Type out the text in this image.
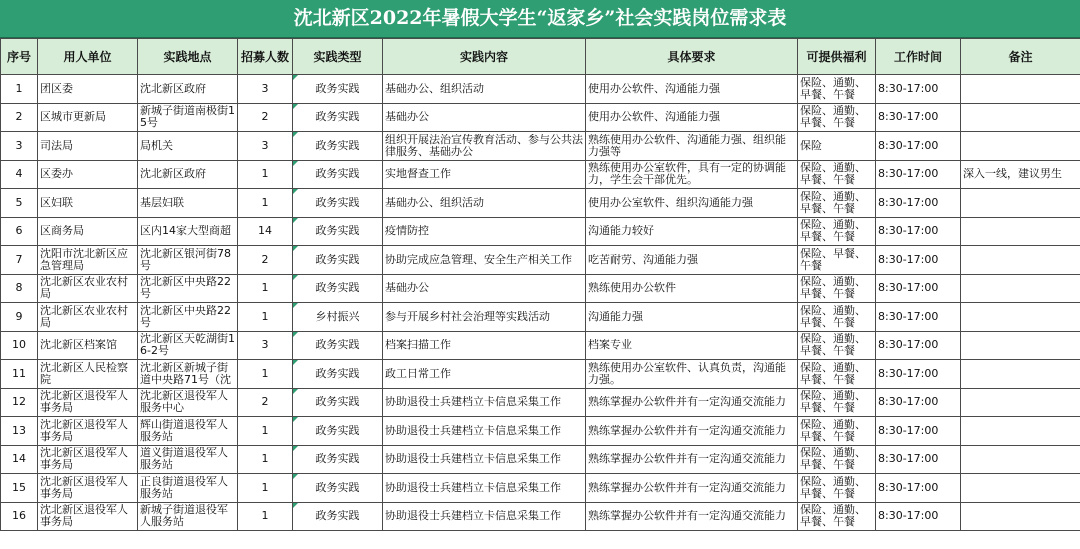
沈北新区2022年暑假大学生“返家乡”社会实践岗位需求表
序号	用人单位	实践地点	招募人数	实践类型	实践内容	具体要求	可提供福利	工作时间	备注

1	团区委	沈北新区政府	3	政务实践	基础办公、组织活动	使用办公软件、沟通能力强	保险、通勤、早餐、午餐	8:30-17:00	

2	区城市更新局	新城子街道南极街15号	2	政务实践	基础办公	使用办公软件、沟通能力强	保险、通勤、早餐、午餐	8:30-17:00	

3	司法局	局机关	3	政务实践	组织开展法治宣传教育活动、参与公共法律服务、基础办公	熟练使用办公软件、沟通能力强、组织能力强等	保险	8:30-17:00	

4	区委办	沈北新区政府	1	政务实践	实地督查工作	熟练使用办公室软件，具有一定的协调能力，学生会干部优先。	保险、通勤、早餐、午餐	8:30-17:00	深入一线，建议男生

5	区妇联	基层妇联	1	政务实践	基础办公、组织活动	使用办公室软件、组织沟通能力强	保险、通勤、早餐、午餐	8:30-17:00	

6	区商务局	区内14家大型商超	14	政务实践	疫情防控	沟通能力较好	保险、通勤、早餐、午餐	8:30-17:00	

7	沈阳市沈北新区应急管理局	沈北新区银河街78号	2	政务实践	协助完成应急管理、安全生产相关工作	吃苦耐劳、沟通能力强	保险、早餐、午餐	8:30-17:00	

8	沈北新区农业农村局	沈北新区中央路22号	1	政务实践	基础办公	熟练使用办公软件	保险、通勤、早餐、午餐	8:30-17:00	

9	沈北新区农业农村局	沈北新区中央路22号	1	乡村振兴	参与开展乡村社会治理等实践活动	沟通能力强	保险、通勤、早餐、午餐	8:30-17:00	

10	沈北新区档案馆	沈北新区天乾湖街16-2号	3	政务实践	档案扫描工作	档案专业	保险、通勤、早餐、午餐	8:30-17:00	

11	沈北新区人民检察院	沈北新区新城子街道中央路71号（沈	1	政务实践	政工日常工作	熟练使用办公室软件、认真负责，沟通能力强。	保险、通勤、早餐、午餐	8:30-17:00	

12	沈北新区退役军人事务局	沈北新区退役军人服务中心	2	政务实践	协助退役士兵建档立卡信息采集工作	熟练掌握办公软件并有一定沟通交流能力	保险、通勤、早餐、午餐	8:30-17:00	

13	沈北新区退役军人事务局	辉山街道退役军人服务站	1	政务实践	协助退役士兵建档立卡信息采集工作	熟练掌握办公软件并有一定沟通交流能力	保险、通勤、早餐、午餐	8:30-17:00	

14	沈北新区退役军人事务局	道义街道退役军人服务站	1	政务实践	协助退役士兵建档立卡信息采集工作	熟练掌握办公软件并有一定沟通交流能力	保险、通勤、早餐、午餐	8:30-17:00	

15	沈北新区退役军人事务局	正良街道退役军人服务站	1	政务实践	协助退役士兵建档立卡信息采集工作	熟练掌握办公软件并有一定沟通交流能力	保险、通勤、早餐、午餐	8:30-17:00	

16	沈北新区退役军人事务局	新城子街道退役军人服务站	1	政务实践	协助退役士兵建档立卡信息采集工作	熟练掌握办公软件并有一定沟通交流能力	保险、通勤、早餐、午餐	8:30-17:00	
